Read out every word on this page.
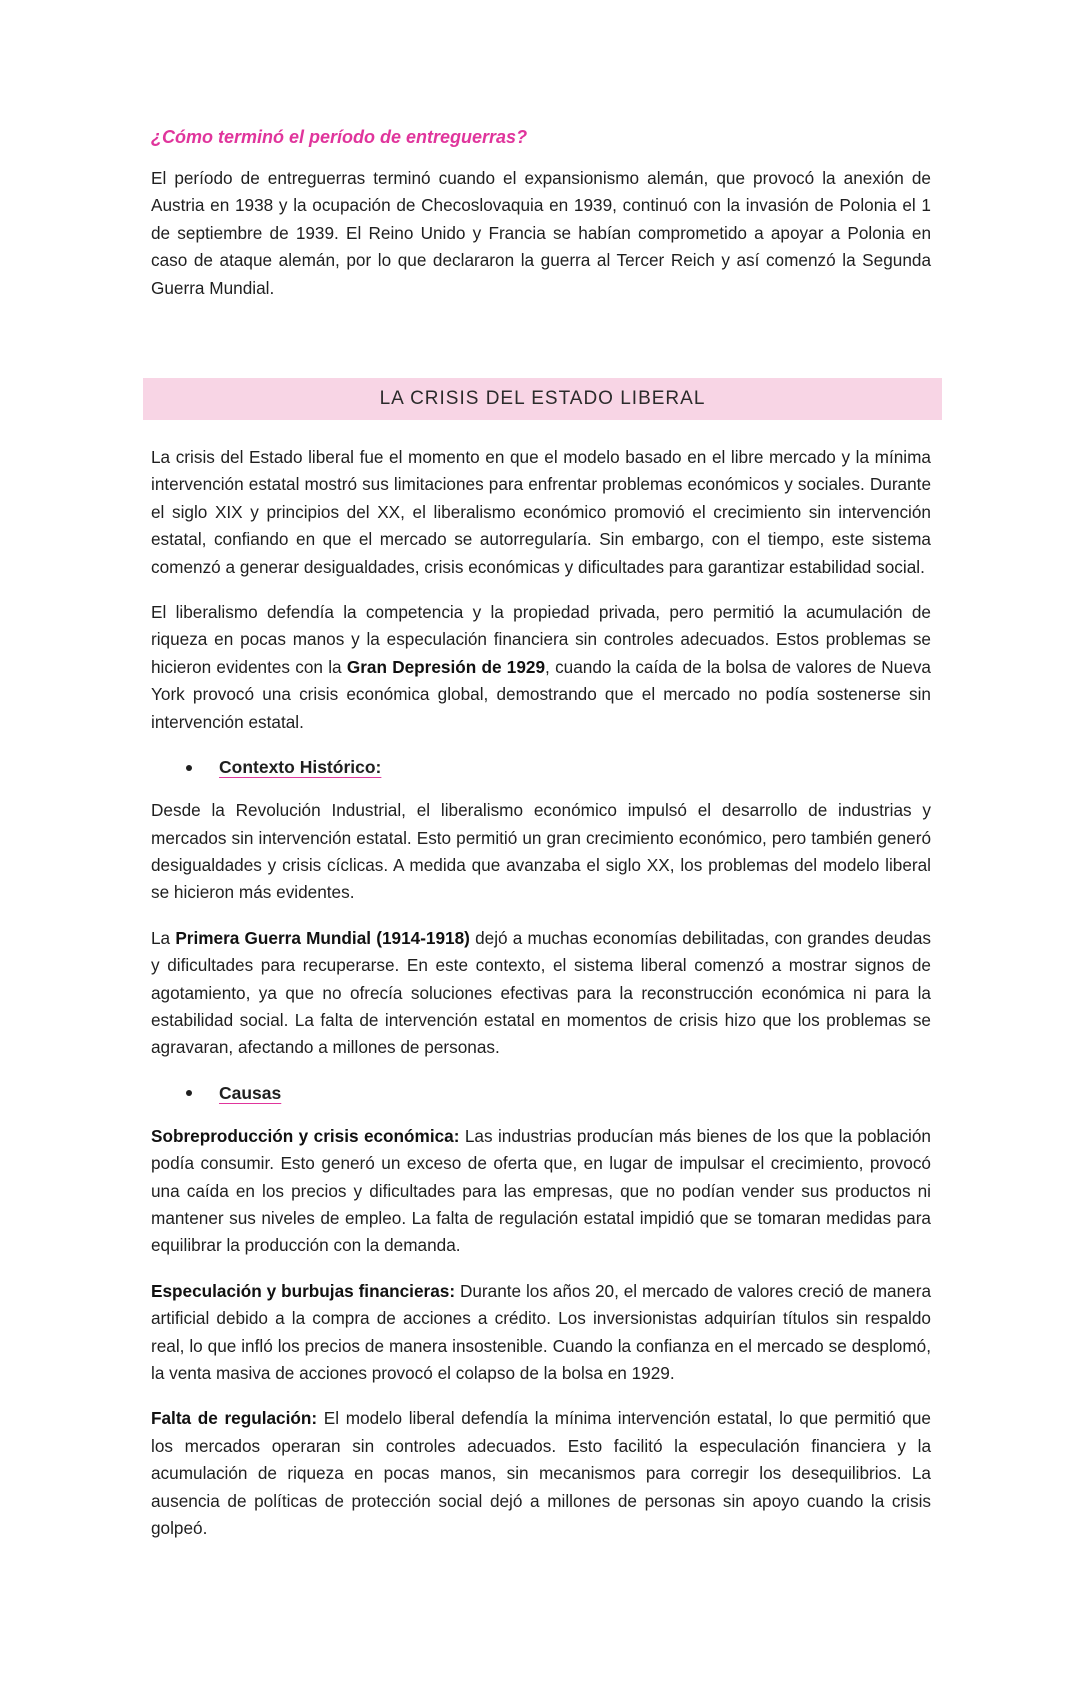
¿Cómo terminó el período de entreguerras?

El período de entreguerras terminó cuando el expansionismo alemán, que provocó la anexión de Austria en 1938 y la ocupación de Checoslovaquia en 1939, continuó con la invasión de Polonia el 1 de septiembre de 1939. El Reino Unido y Francia se habían comprometido a apoyar a Polonia en caso de ataque alemán, por lo que declararon la guerra al Tercer Reich y así comenzó la Segunda Guerra Mundial.

LA CRISIS DEL ESTADO LIBERAL

La crisis del Estado liberal fue el momento en que el modelo basado en el libre mercado y la mínima intervención estatal mostró sus limitaciones para enfrentar problemas económicos y sociales. Durante el siglo XIX y principios del XX, el liberalismo económico promovió el crecimiento sin intervención estatal, confiando en que el mercado se autorregularía. Sin embargo, con el tiempo, este sistema comenzó a generar desigualdades, crisis económicas y dificultades para garantizar estabilidad social.

El liberalismo defendía la competencia y la propiedad privada, pero permitió la acumulación de riqueza en pocas manos y la especulación financiera sin controles adecuados. Estos problemas se hicieron evidentes con la Gran Depresión de 1929, cuando la caída de la bolsa de valores de Nueva York provocó una crisis económica global, demostrando que el mercado no podía sostenerse sin intervención estatal.

Contexto Histórico:

Desde la Revolución Industrial, el liberalismo económico impulsó el desarrollo de industrias y mercados sin intervención estatal. Esto permitió un gran crecimiento económico, pero también generó desigualdades y crisis cíclicas. A medida que avanzaba el siglo XX, los problemas del modelo liberal se hicieron más evidentes.

La Primera Guerra Mundial (1914-1918) dejó a muchas economías debilitadas, con grandes deudas y dificultades para recuperarse. En este contexto, el sistema liberal comenzó a mostrar signos de agotamiento, ya que no ofrecía soluciones efectivas para la reconstrucción económica ni para la estabilidad social. La falta de intervención estatal en momentos de crisis hizo que los problemas se agravaran, afectando a millones de personas.

Causas

Sobreproducción y crisis económica: Las industrias producían más bienes de los que la población podía consumir. Esto generó un exceso de oferta que, en lugar de impulsar el crecimiento, provocó una caída en los precios y dificultades para las empresas, que no podían vender sus productos ni mantener sus niveles de empleo. La falta de regulación estatal impidió que se tomaran medidas para equilibrar la producción con la demanda.

Especulación y burbujas financieras: Durante los años 20, el mercado de valores creció de manera artificial debido a la compra de acciones a crédito. Los inversionistas adquirían títulos sin respaldo real, lo que infló los precios de manera insostenible. Cuando la confianza en el mercado se desplomó, la venta masiva de acciones provocó el colapso de la bolsa en 1929.

Falta de regulación: El modelo liberal defendía la mínima intervención estatal, lo que permitió que los mercados operaran sin controles adecuados. Esto facilitó la especulación financiera y la acumulación de riqueza en pocas manos, sin mecanismos para corregir los desequilibrios. La ausencia de políticas de protección social dejó a millones de personas sin apoyo cuando la crisis golpeó.
